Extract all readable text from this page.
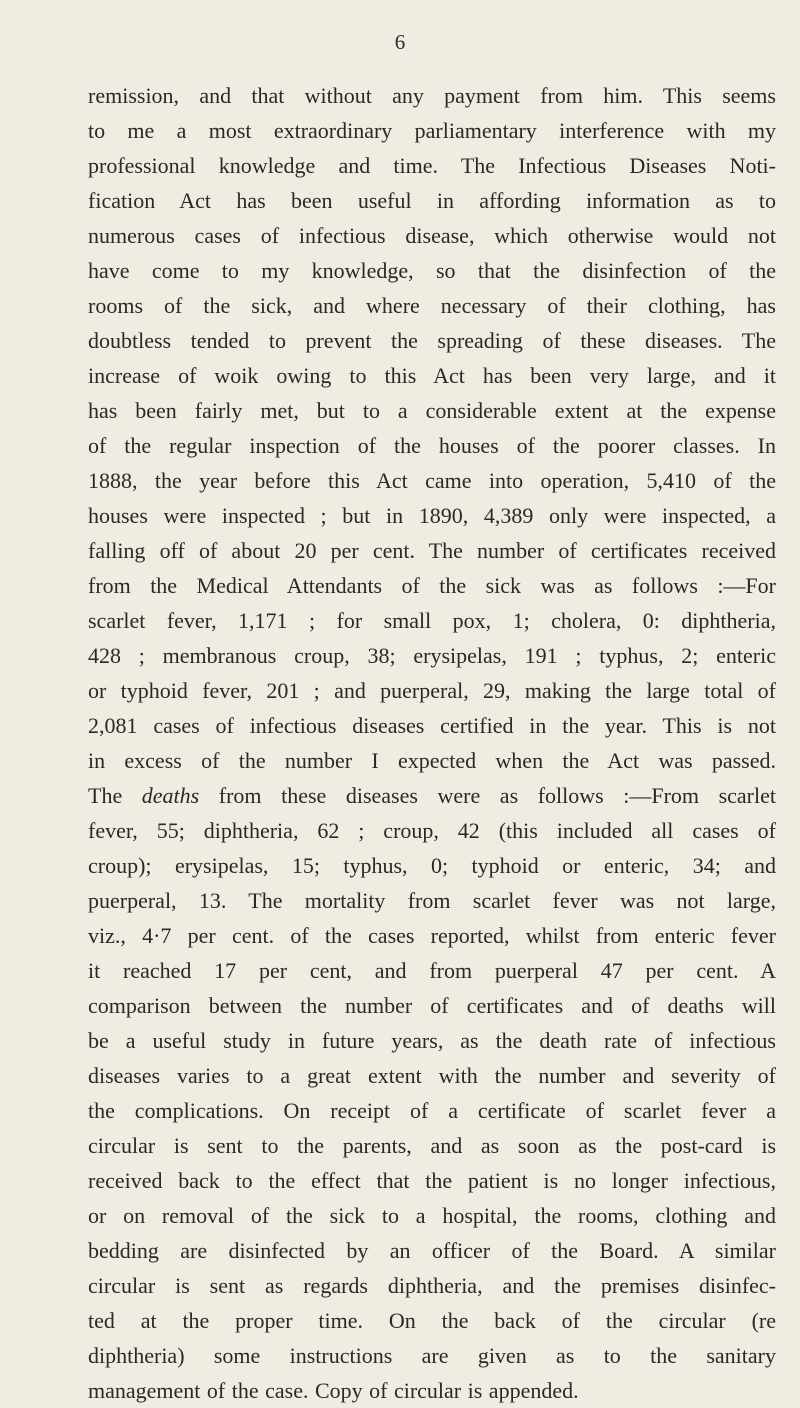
6
remission, and that without any payment from him. This seems
to me a most extraordinary parliamentary interference with my
professional knowledge and time. The Infectious Diseases Noti-
fication Act has been useful in affording information as to
numerous cases of infectious disease, which otherwise would not
have come to my knowledge, so that the disinfection of the
rooms of the sick, and where necessary of their clothing, has
doubtless tended to prevent the spreading of these diseases. The
increase of woik owing to this Act has been very large, and it
has been fairly met, but to a considerable extent at the expense
of the regular inspection of the houses of the poorer classes. In
1888, the year before this Act came into operation, 5,410 of the
houses were inspected ; but in 1890, 4,389 only were inspected, a
falling off of about 20 per cent. The number of certificates received
from the Medical Attendants of the sick was as follows :—For
scarlet fever, 1,171 ; for small pox, 1; cholera, 0: diphtheria,
428 ; membranous croup, 38; erysipelas, 191 ; typhus, 2; enteric
or typhoid fever, 201 ; and puerperal, 29, making the large total of
2,081 cases of infectious diseases certified in the year. This is not
in excess of the number I expected when the Act was passed.
The deaths from these diseases were as follows :—From scarlet
fever, 55; diphtheria, 62 ; croup, 42 (this included all cases of
croup); erysipelas, 15; typhus, 0; typhoid or enteric, 34; and
puerperal, 13. The mortality from scarlet fever was not large,
viz., 4·7 per cent. of the cases reported, whilst from enteric fever
it reached 17 per cent, and from puerperal 47 per cent. A
comparison between the number of certificates and of deaths will
be a useful study in future years, as the death rate of infectious
diseases varies to a great extent with the number and severity of
the complications. On receipt of a certificate of scarlet fever a
circular is sent to the parents, and as soon as the post-card is
received back to the effect that the patient is no longer infectious,
or on removal of the sick to a hospital, the rooms, clothing and
bedding are disinfected by an officer of the Board. A similar
circular is sent as regards diphtheria, and the premises disinfec-
ted at the proper time. On the back of the circular (re
diphtheria) some instructions are given as to the sanitary
management of the case. Copy of circular is appended.
